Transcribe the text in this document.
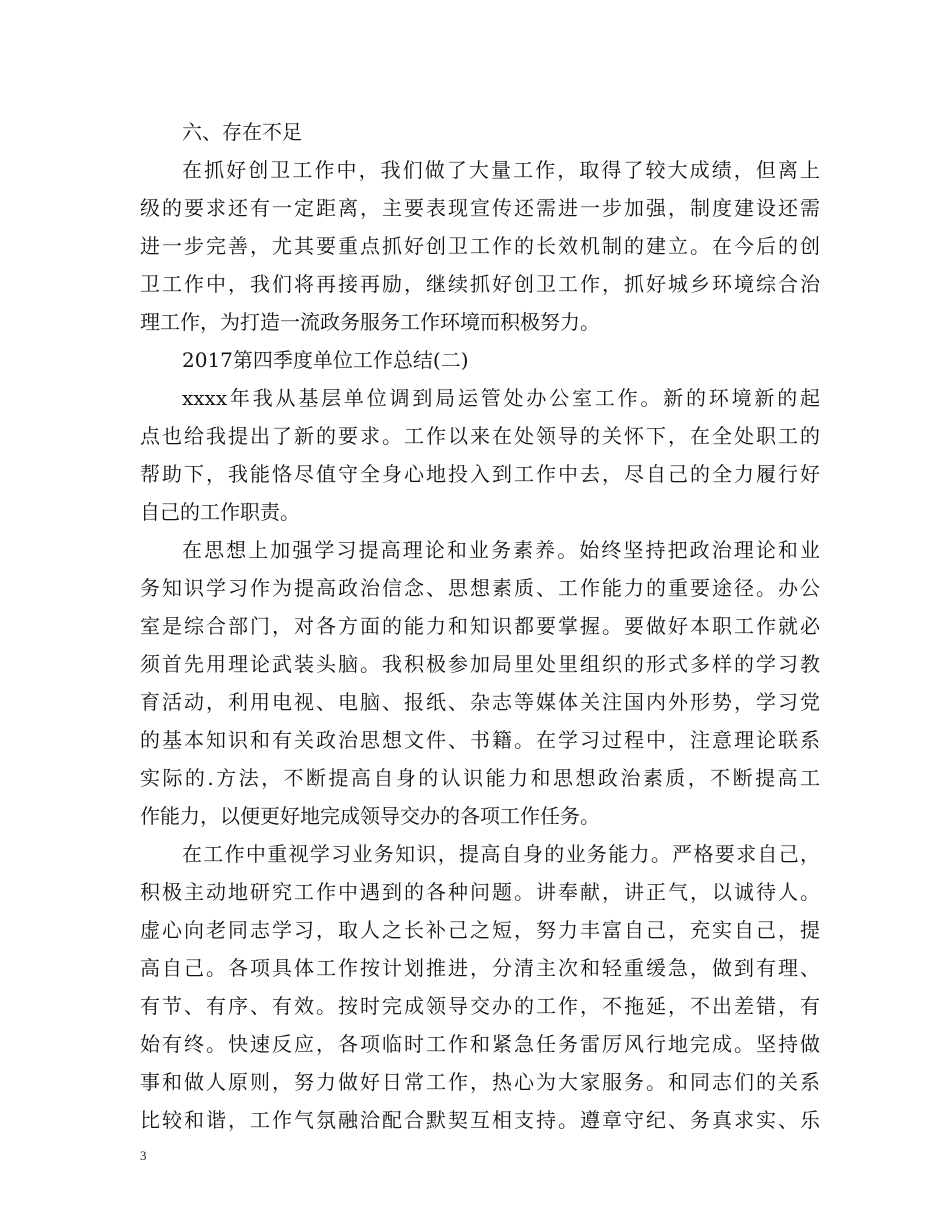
六、存在不足
在抓好创卫工作中，我们做了大量工作，取得了较大成绩，但离上
级的要求还有一定距离，主要表现宣传还需进一步加强，制度建设还需
进一步完善，尤其要重点抓好创卫工作的长效机制的建立。在今后的创
卫工作中，我们将再接再励，继续抓好创卫工作，抓好城乡环境综合治
理工作，为打造一流政务服务工作环境而积极努力。
2017第四季度单位工作总结(二)
xxxx年我从基层单位调到局运管处办公室工作。新的环境新的起
点也给我提出了新的要求。工作以来在处领导的关怀下，在全处职工的
帮助下，我能恪尽值守全身心地投入到工作中去，尽自己的全力履行好
自己的工作职责。
在思想上加强学习提高理论和业务素养。始终坚持把政治理论和业
务知识学习作为提高政治信念、思想素质、工作能力的重要途径。办公
室是综合部门，对各方面的能力和知识都要掌握。要做好本职工作就必
须首先用理论武装头脑。我积极参加局里处里组织的形式多样的学习教
育活动，利用电视、电脑、报纸、杂志等媒体关注国内外形势，学习党
的基本知识和有关政治思想文件、书籍。在学习过程中，注意理论联系
实际的.方法，不断提高自身的认识能力和思想政治素质，不断提高工
作能力，以便更好地完成领导交办的各项工作任务。
在工作中重视学习业务知识，提高自身的业务能力。严格要求自己，
积极主动地研究工作中遇到的各种问题。讲奉献，讲正气，以诚待人。
虚心向老同志学习，取人之长补己之短，努力丰富自己，充实自己，提
高自己。各项具体工作按计划推进，分清主次和轻重缓急，做到有理、
有节、有序、有效。按时完成领导交办的工作，不拖延，不出差错，有
始有终。快速反应，各项临时工作和紧急任务雷厉风行地完成。坚持做
事和做人原则，努力做好日常工作，热心为大家服务。和同志们的关系
比较和谐，工作气氛融洽配合默契互相支持。遵章守纪、务真求实、乐
3
